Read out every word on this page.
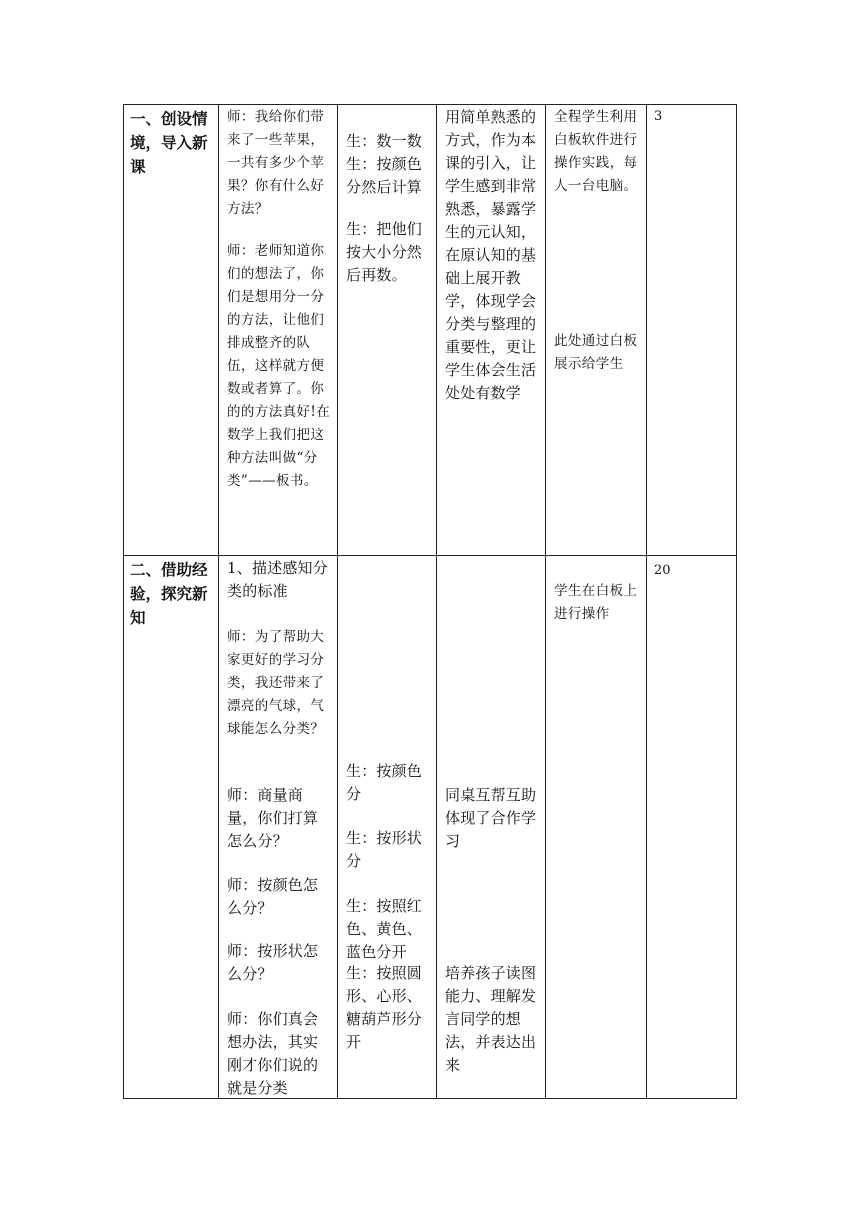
一、创设情境，导入新课
师：我给你们带来了一些苹果，一共有多少个苹果？你有什么好方法？
师：老师知道你们的想法了，你们是想用分一分的方法，让他们排成整齐的队伍，这样就方便数或者算了。你的的方法真好!在数学上我们把这种方法叫做“分类”——板书。
生：数一数
生：按颜色分然后计算
生：把他们按大小分然后再数。
用简单熟悉的方式，作为本课的引入，让学生感到非常熟悉，暴露学生的元认知，在原认知的基础上展开教学，体现学会分类与整理的重要性，更让学生体会生活处处有数学
全程学生利用白板软件进行操作实践，每人一台电脑。
此处通过白板展示给学生
3
二、借助经验，探究新知
1、描述感知分类的标准
师：为了帮助大家更好的学习分类，我还带来了漂亮的气球，气球能怎么分类？
师：商量商量，你们打算怎么分？
师：按颜色怎么分？
师：按形状怎么分？
师：你们真会想办法，其实刚才你们说的就是分类
生：按颜色分
生：按形状分
生：按照红色、黄色、蓝色分开
生：按照圆形、心形、糖葫芦形分开
同桌互帮互助体现了合作学习
培养孩子读图能力、理解发言同学的想法，并表达出来
学生在白板上进行操作
20
